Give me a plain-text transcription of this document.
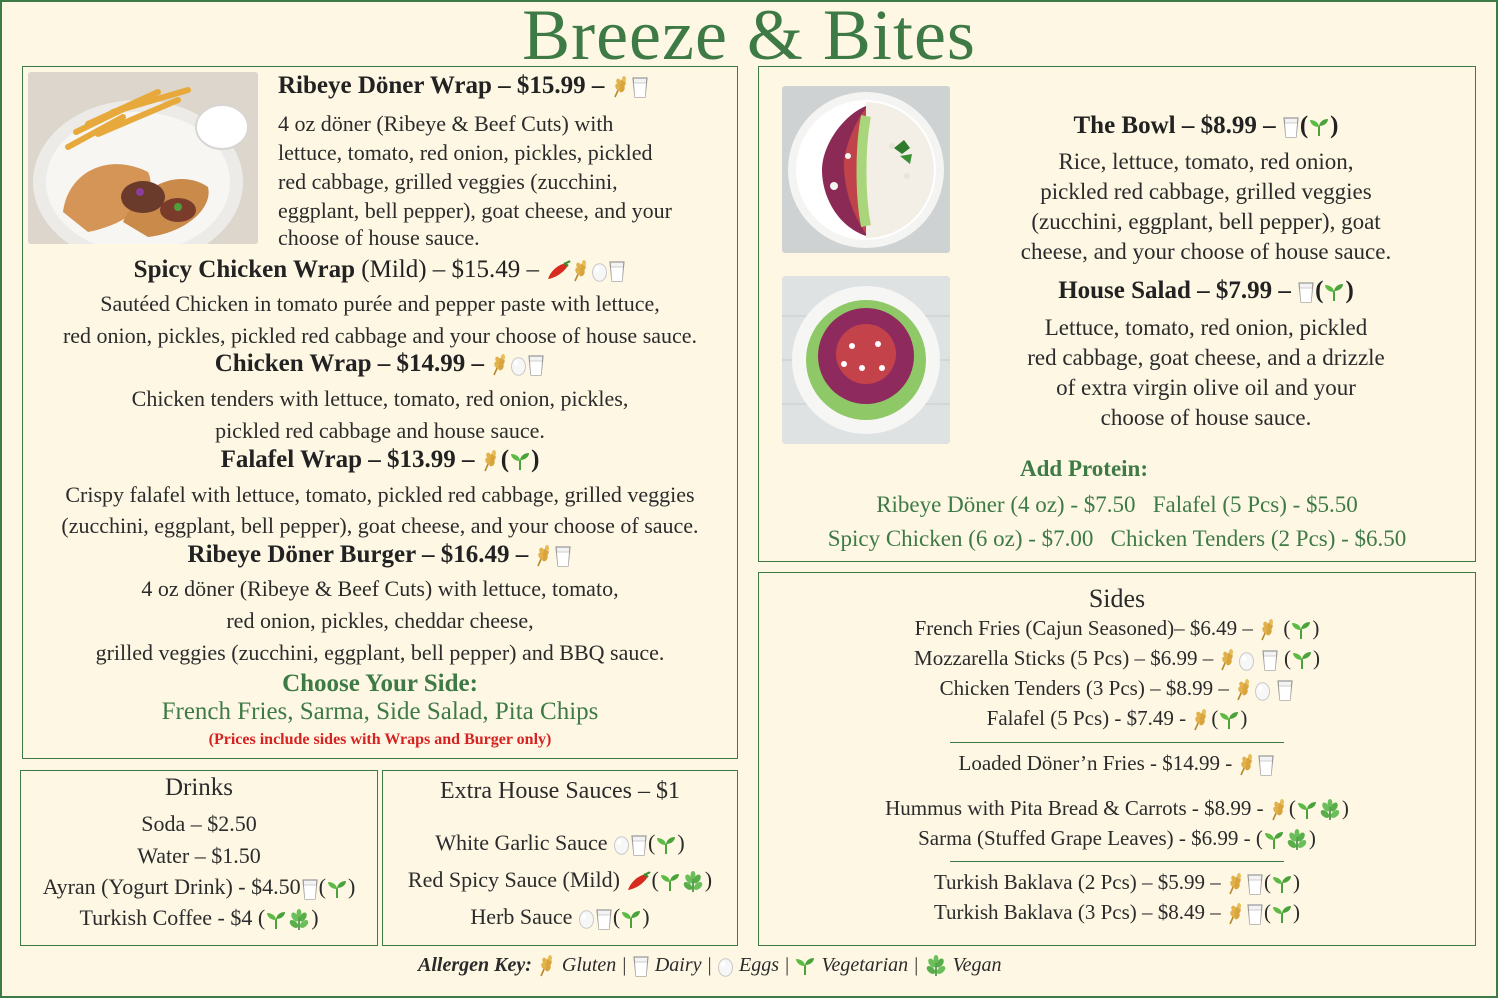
Breeze & Bites
Ribeye Döner Wrap – $15.99 –
4 oz döner (Ribeye & Beef Cuts) with
lettuce, tomato, red onion, pickles, pickled
red cabbage, grilled veggies (zucchini,
eggplant, bell pepper), goat cheese, and your
choose of house sauce.
Spicy Chicken Wrap (Mild) – $15.49 –
Sautéed Chicken in tomato purée and pepper paste with lettuce,
red onion, pickles, pickled red cabbage and your choose of house sauce.
Chicken Wrap – $14.99 –
Chicken tenders with lettuce, tomato, red onion, pickles,
pickled red cabbage and house sauce.
Falafel Wrap – $13.99 – ( )
Crispy falafel with lettuce, tomato, pickled red cabbage, grilled veggies
(zucchini, eggplant, bell pepper), goat cheese, and your choose of sauce.
Ribeye Döner Burger – $16.49 –
4 oz döner (Ribeye & Beef Cuts) with lettuce, tomato,
red onion, pickles, cheddar cheese,
grilled veggies (zucchini, eggplant, bell pepper) and BBQ sauce.
Choose Your Side:
French Fries, Sarma, Side Salad, Pita Chips
(Prices include sides with Wraps and Burger only)
Drinks
Soda – $2.50
Water – $1.50
Ayran (Yogurt Drink) - $4.50 ( )
Turkish Coffee - $4 ( )
Extra House Sauces – $1
White Garlic Sauce ( )
Red Spicy Sauce (Mild) ( )
Herb Sauce ( )
The Bowl – $8.99 – ( )
Rice, lettuce, tomato, red onion,
pickled red cabbage, grilled veggies
(zucchini, eggplant, bell pepper), goat
cheese, and your choose of house sauce.
House Salad – $7.99 – ( )
Lettuce, tomato, red onion, pickled
red cabbage, goat cheese, and a drizzle
of extra virgin olive oil and your
choose of house sauce.
Add Protein:
Ribeye Döner (4 oz) - $7.50   Falafel (5 Pcs) - $5.50
Spicy Chicken (6 oz) - $7.00   Chicken Tenders (2 Pcs) - $6.50
Sides
French Fries (Cajun Seasoned)– $6.49 –  ( )
Mozzarella Sticks (5 Pcs) – $6.99 –	( )
Chicken Tenders (3 Pcs) – $8.99 –
Falafel (5 Pcs) - $7.49 - ( )
Loaded Döner’n Fries - $14.99 -
Hummus with Pita Bread & Carrots - $8.99 - ( )
Sarma (Stuffed Grape Leaves) - $6.99 - ( )
Turkish Baklava (2 Pcs) – $5.99 – ( )
Turkish Baklava (3 Pcs) – $8.49 – ( )
Allergen Key: Gluten | Dairy | Eggs | Vegetarian | Vegan
